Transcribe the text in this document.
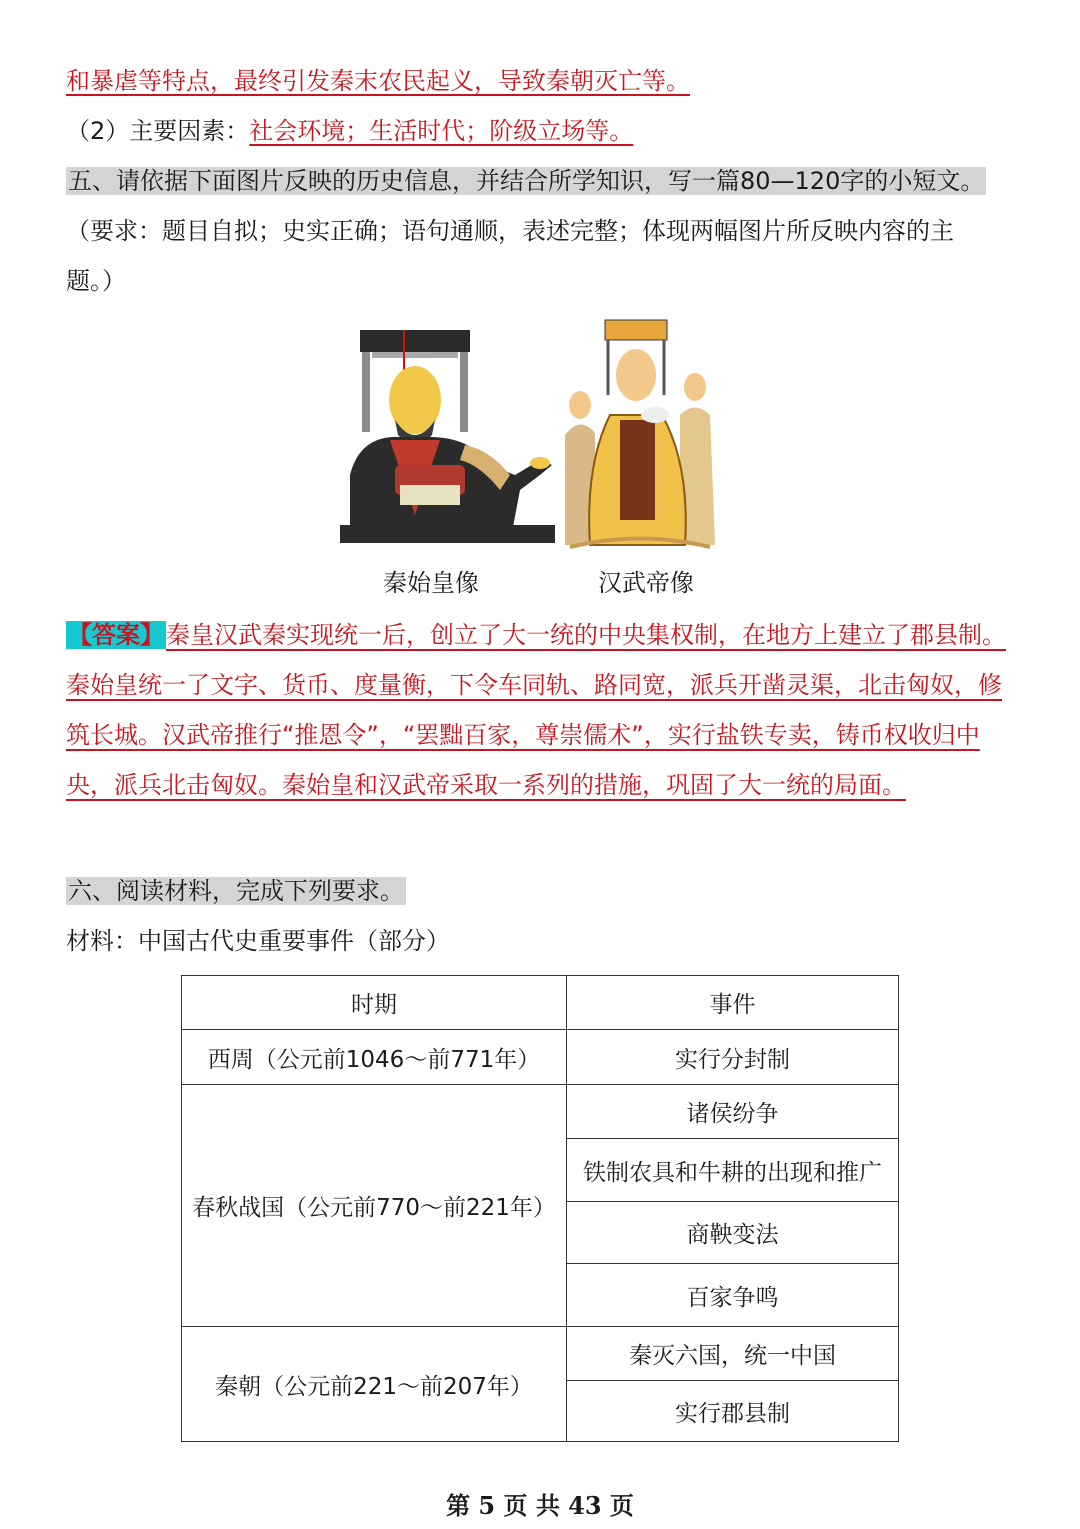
和暴虐等特点，最终引发秦末农民起义，导致秦朝灭亡等。
（2）主要因素：社会环境；生活时代；阶级立场等。
五、请依据下面图片反映的历史信息，并结合所学知识，写一篇80—120字的小短文。
（要求：题目自拟；史实正确；语句通顺，表述完整；体现两幅图片所反映内容的主
题。）
秦始皇像	汉武帝像
【答案】秦皇汉武秦实现统一后，创立了大一统的中央集权制，在地方上建立了郡县制。秦始皇统一了文字、货币、度量衡，下令车同轨、路同宽，派兵开凿灵渠，北击匈奴，修筑长城。汉武帝推行“推恩令”，“罢黜百家，尊崇儒术”，实行盐铁专卖，铸币权收归中央，派兵北击匈奴。秦始皇和汉武帝采取一系列的措施，巩固了大一统的局面。
六、阅读材料，完成下列要求。
材料：中国古代史重要事件（部分）
时期	事件
西周（公元前1046～前771年）	实行分封制
春秋战国（公元前770～前221年）	诸侯纷争
	铁制农具和牛耕的出现和推广
	商鞅变法
	百家争鸣
秦朝（公元前221～前207年）	秦灭六国，统一中国
	实行郡县制
第 5 页 共 43 页
